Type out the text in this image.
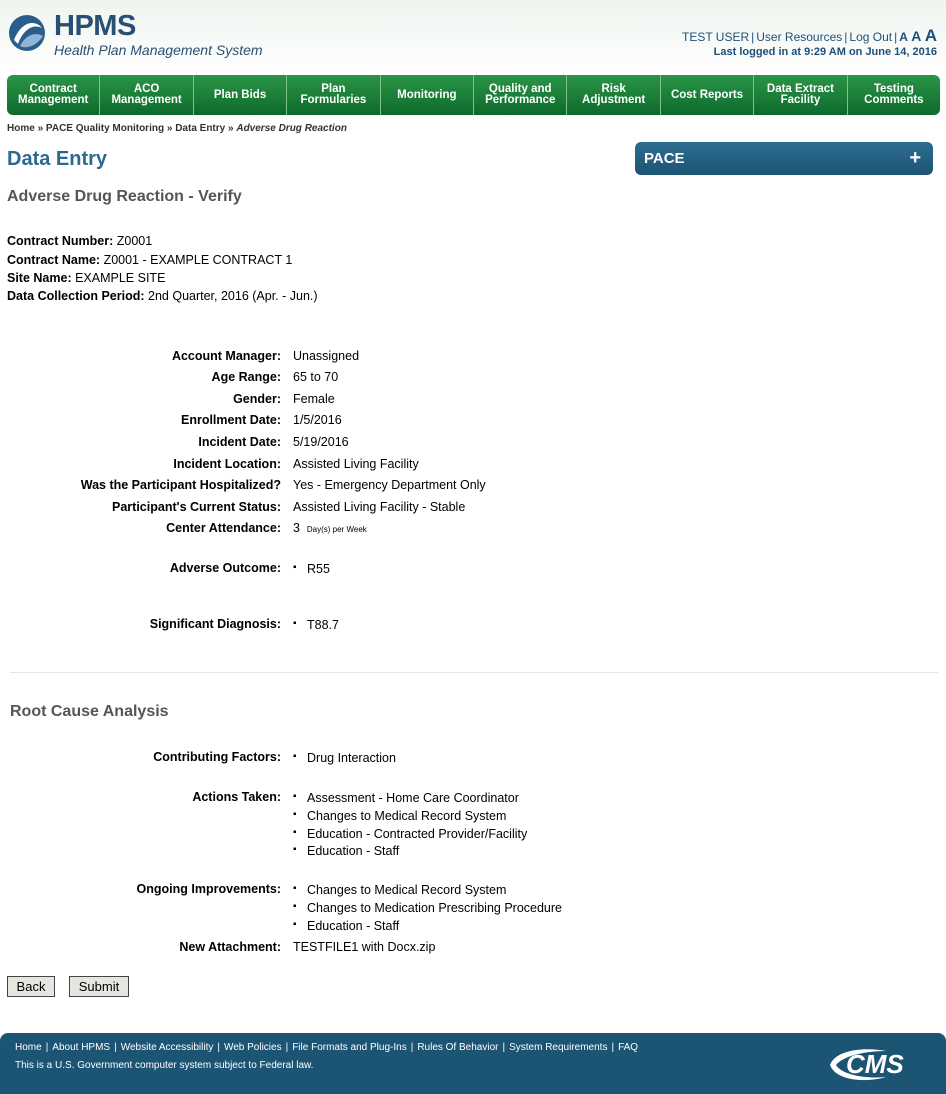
HPMS
Health Plan Management System
TEST USER | User Resources | Log Out | A A A
Last logged in at 9:29 AM on June 14, 2016
Contract
Management
ACO
Management	Plan Bids	Plan
Formularies	Monitoring	Quality and
Performance
Risk
Adjustment Cost Reports Data Extract
Facility
Testing
Comments
Home » PACE Quality Monitoring » Data Entry » Adverse Drug Reaction
Data Entry	PACE	+
Adverse Drug Reaction - Verify
Contract Number: Z0001
Contract Name: Z0001 - EXAMPLE CONTRACT 1
Site Name: EXAMPLE SITE
Data Collection Period: 2nd Quarter, 2016 (Apr. - Jun.)
Account Manager: Unassigned
Age Range: 65 to 70
Gender: Female
Enrollment Date: 1/5/2016
Incident Date: 5/19/2016
Incident Location: Assisted Living Facility
Was the Participant Hospitalized? Yes - Emergency Department Only
Participant's Current Status: Assisted Living Facility - Stable
Center Attendance: 3 Day(s) per Week
Adverse Outcome:	▪ R55
Significant Diagnosis:	▪ T88.7
Root Cause Analysis
Contributing Factors:	▪ Drug Interaction
Actions Taken:	▪ Assessment - Home Care Coordinator
▪ Changes to Medical Record System
▪ Education - Contracted Provider/Facility
▪ Education - Staff
Ongoing Improvements:	▪ Changes to Medical Record System
▪ Changes to Medication Prescribing Procedure
▪ Education - Staff
New Attachment: TESTFILE1 with Docx.zip
Back	Submit
Home | About HPMS | Website Accessibility | Web Policies | File Formats and Plug-Ins | Rules Of Behavior | System Requirements | FAQ
This is a U.S. Government computer system subject to Federal law.	CMS
